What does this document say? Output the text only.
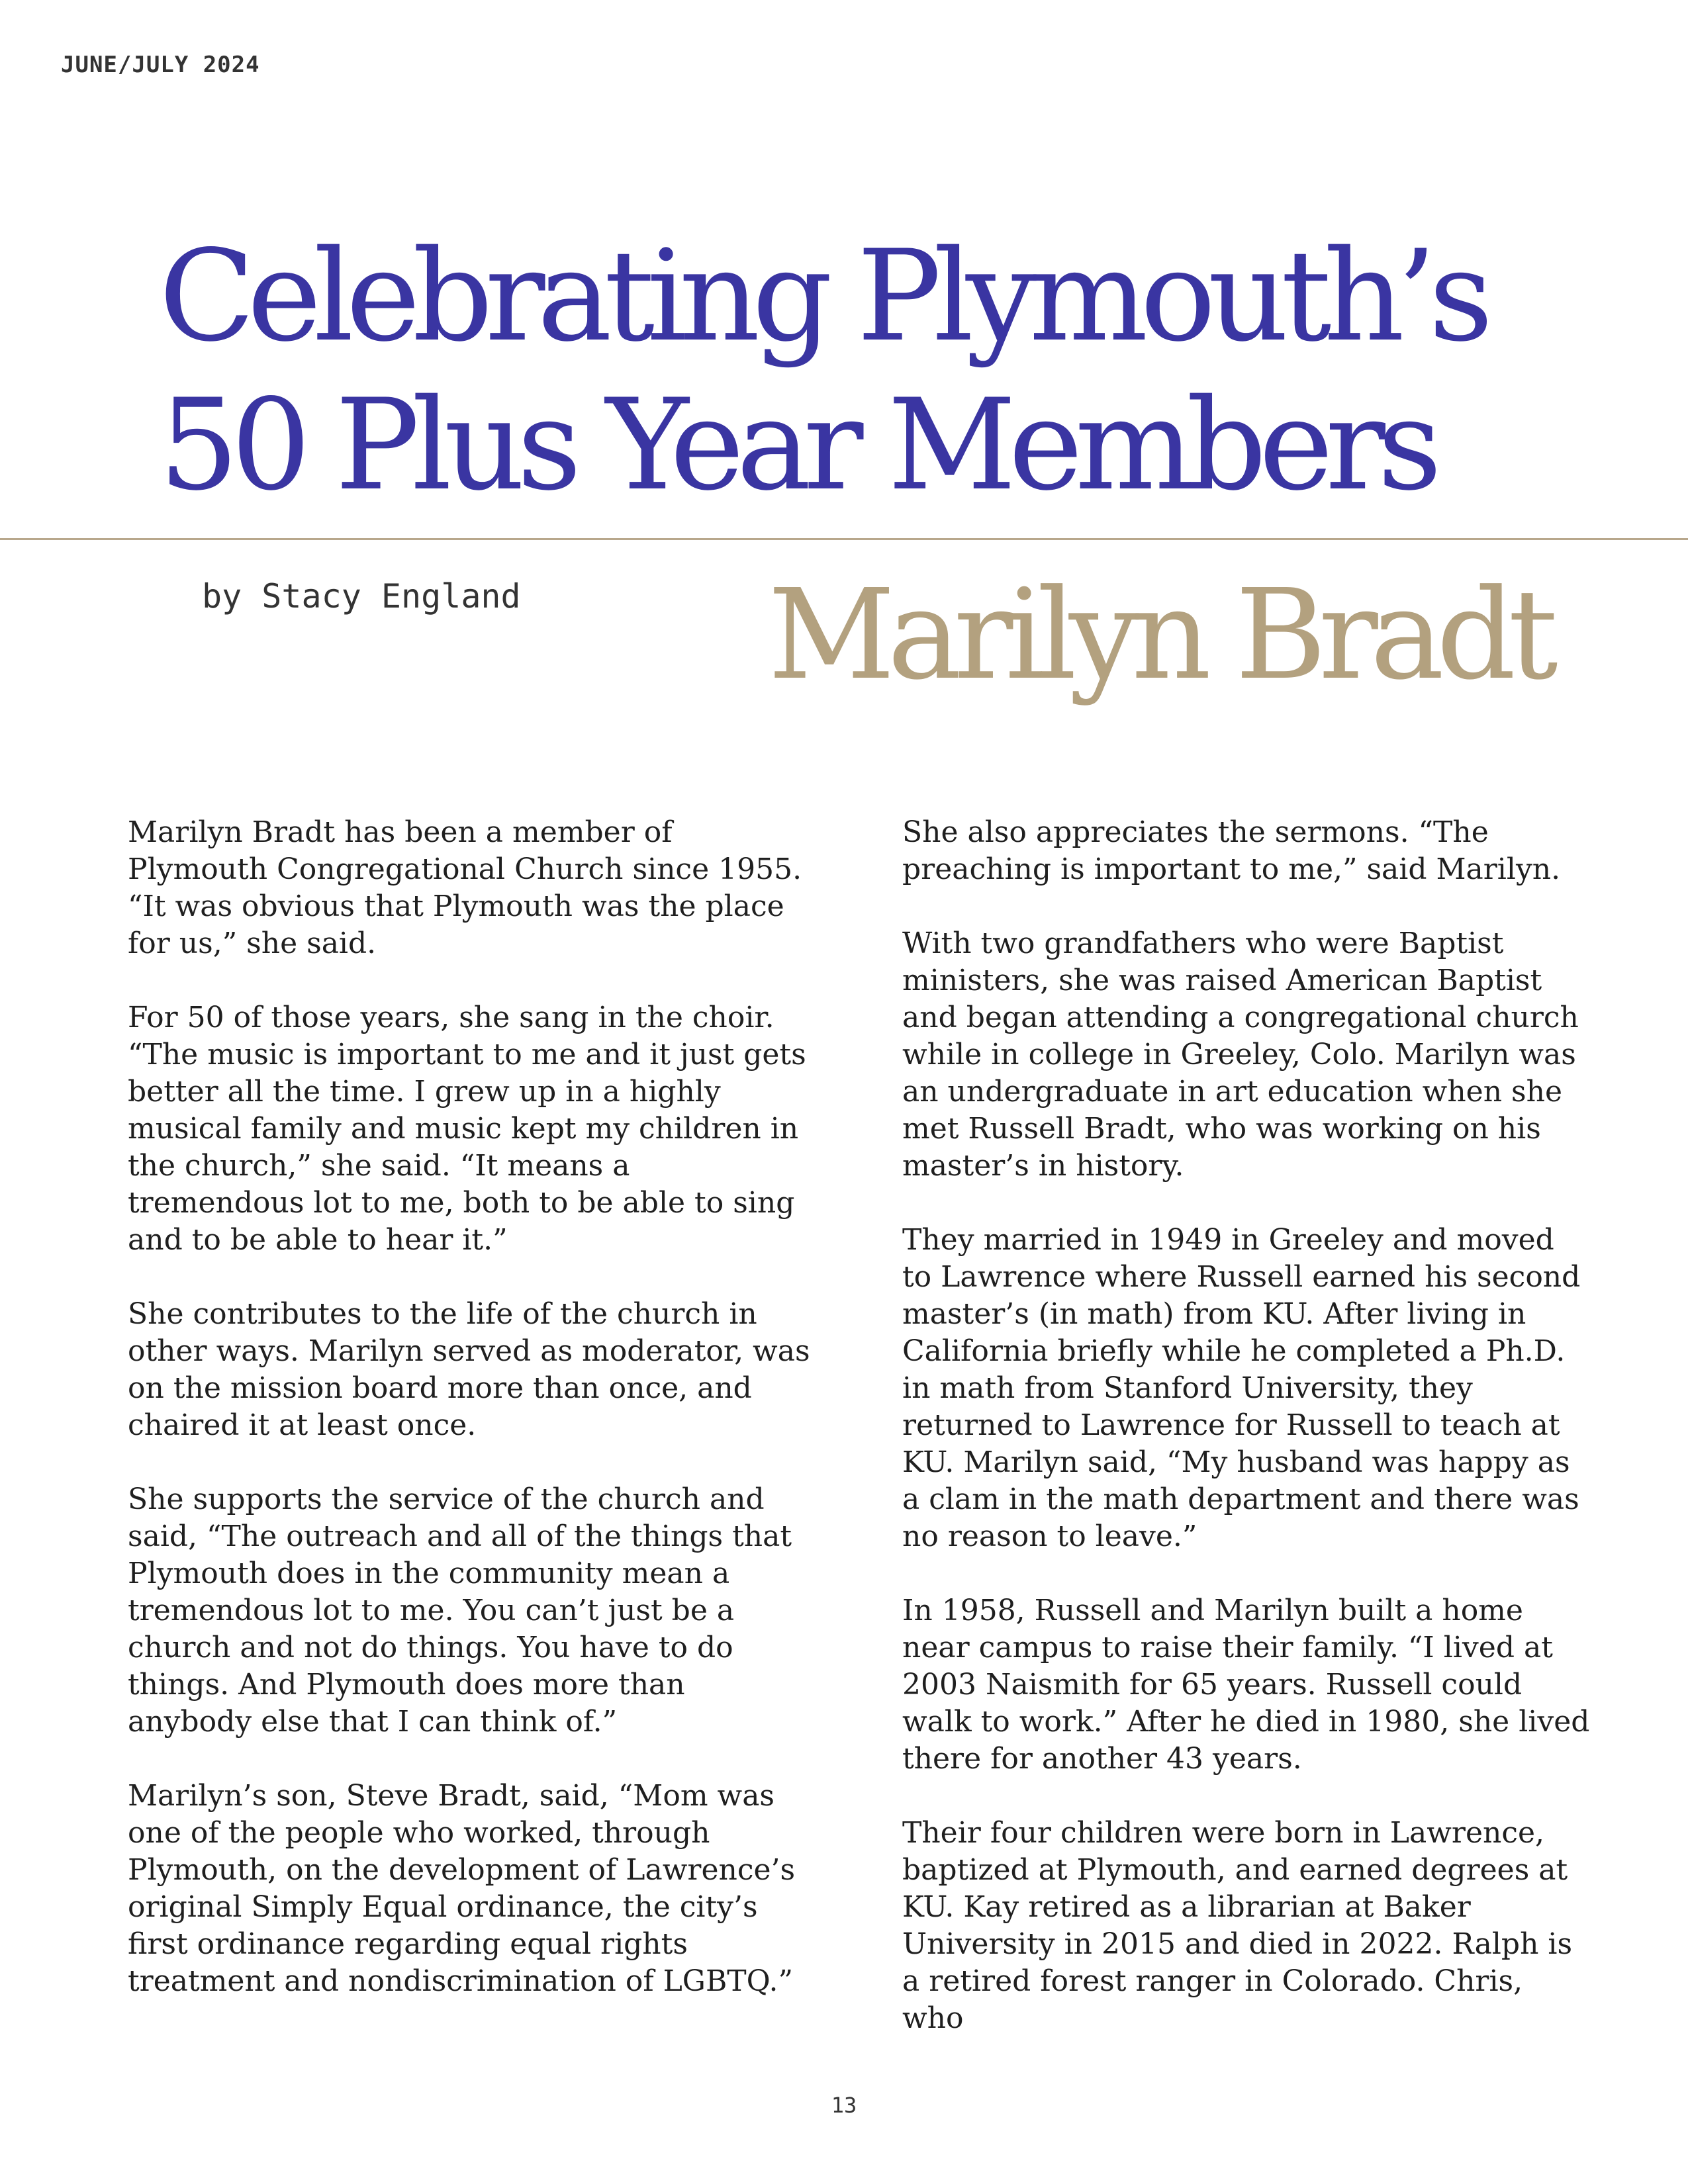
JUNE/JULY 2024
Celebrating Plymouth’s
50 Plus Year Members
by Stacy England Marilyn Bradt

Marilyn Bradt has been a member of Plymouth Congregational Church since 1955. “It was obvious that Plymouth was the place for us,” she said.

For 50 of those years, she sang in the choir. “The music is important to me and it just gets better all the time. I grew up in a highly musical family and music kept my children in the church,” she said. “It means a tremendous lot to me, both to be able to sing and to be able to hear it.”

She contributes to the life of the church in other ways. Marilyn served as moderator, was on the mission board more than once, and chaired it at least once.

She supports the service of the church and said, “The outreach and all of the things that Plymouth does in the community mean a tremendous lot to me. You can’t just be a church and not do things. You have to do things. And Plymouth does more than anybody else that I can think of.”

Marilyn’s son, Steve Bradt, said, “Mom was one of the people who worked, through Plymouth, on the development of Lawrence’s original Simply Equal ordinance, the city’s first ordinance regarding equal rights treatment and nondiscrimination of LGBTQ.”

She also appreciates the sermons. “The preaching is important to me,” said Marilyn.

With two grandfathers who were Baptist ministers, she was raised American Baptist and began attending a congregational church while in college in Greeley, Colo. Marilyn was an undergraduate in art education when she met Russell Bradt, who was working on his master’s in history.

They married in 1949 in Greeley and moved to Lawrence where Russell earned his second master’s (in math) from KU. After living in California briefly while he completed a Ph.D. in math from Stanford University, they returned to Lawrence for Russell to teach at KU. Marilyn said, “My husband was happy as a clam in the math department and there was no reason to leave.”

In 1958, Russell and Marilyn built a home near campus to raise their family. “I lived at 2003 Naismith for 65 years. Russell could walk to work.” After he died in 1980, she lived there for another 43 years.

Their four children were born in Lawrence, baptized at Plymouth, and earned degrees at KU. Kay retired as a librarian at Baker University in 2015 and died in 2022. Ralph is a retired forest ranger in Colorado. Chris, who

13
